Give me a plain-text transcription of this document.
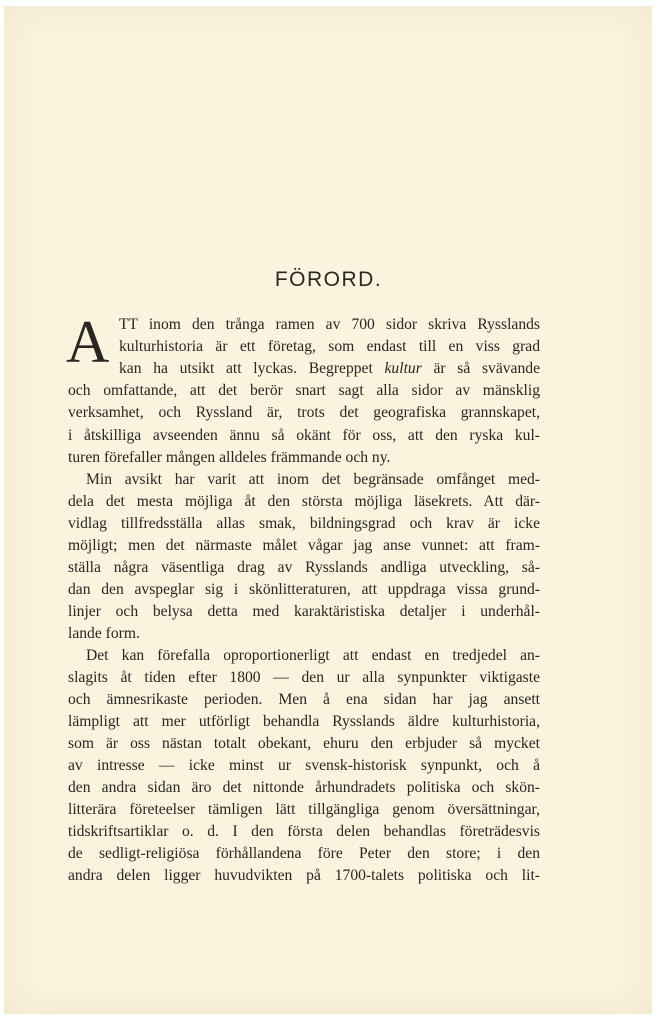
FÖRORD.
A TT inom den trånga ramen av 700 sidor skriva Rysslands
kulturhistoria är ett företag, som endast till en viss grad
kan ha utsikt att lyckas. Begreppet kultur är så svävande
och omfattande, att det berör snart sagt alla sidor av mänsklig
verksamhet, och Ryssland är, trots det geografiska grannskapet,
i åtskilliga avseenden ännu så okänt för oss, att den ryska kul-
turen förefaller mången alldeles främmande och ny.
Min avsikt har varit att inom det begränsade omfånget med-
dela det mesta möjliga åt den största möjliga läsekrets. Att där-
vidlag tillfredsställa allas smak, bildningsgrad och krav är icke
möjligt; men det närmaste målet vågar jag anse vunnet: att fram-
ställa några väsentliga drag av Rysslands andliga utveckling, så-
dan den avspeglar sig i skönlitteraturen, att uppdraga vissa grund-
linjer och belysa detta med karaktäristiska detaljer i underhål-
lande form.
Det kan förefalla oproportionerligt att endast en tredjedel an-
slagits åt tiden efter 1800 — den ur alla synpunkter viktigaste
och ämnesrikaste perioden. Men å ena sidan har jag ansett
lämpligt att mer utförligt behandla Rysslands äldre kulturhistoria,
som är oss nästan totalt obekant, ehuru den erbjuder så mycket
av intresse — icke minst ur svensk-historisk synpunkt, och å
den andra sidan äro det nittonde århundradets politiska och skön-
litterära företeelser tämligen lätt tillgängliga genom översättningar,
tidskriftsartiklar o. d. I den första delen behandlas företrädesvis
de sedligt-religiösa förhållandena före Peter den store; i den
andra delen ligger huvudvikten på 1700-talets politiska och lit-
